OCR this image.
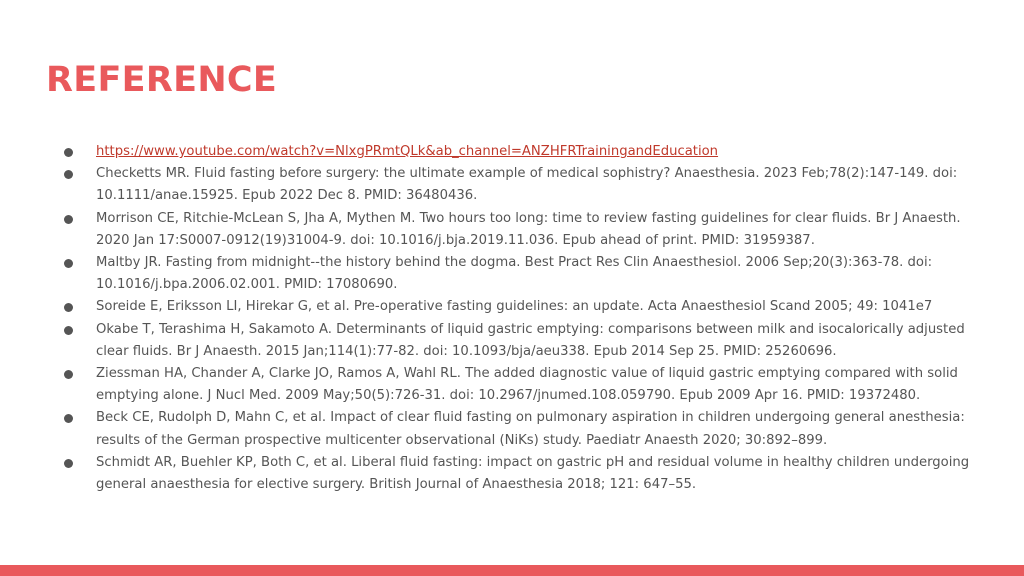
REFERENCE
https://www.youtube.com/watch?v=NlxgPRmtQLk&ab_channel=ANZHFRTrainingandEducation
Checketts MR. Fluid fasting before surgery: the ultimate example of medical sophistry? Anaesthesia. 2023 Feb;78(2):147-149. doi: 10.1111/anae.15925. Epub 2022 Dec 8. PMID: 36480436.
Morrison CE, Ritchie-McLean S, Jha A, Mythen M. Two hours too long: time to review fasting guidelines for clear fluids. Br J Anaesth. 2020 Jan 17:S0007-0912(19)31004-9. doi: 10.1016/j.bja.2019.11.036. Epub ahead of print. PMID: 31959387.
Maltby JR. Fasting from midnight--the history behind the dogma. Best Pract Res Clin Anaesthesiol. 2006 Sep;20(3):363-78. doi: 10.1016/j.bpa.2006.02.001. PMID: 17080690.
Soreide E, Eriksson LI, Hirekar G, et al. Pre-operative fasting guidelines: an update. Acta Anaesthesiol Scand 2005; 49: 1041e7
Okabe T, Terashima H, Sakamoto A. Determinants of liquid gastric emptying: comparisons between milk and isocalorically adjusted clear fluids. Br J Anaesth. 2015 Jan;114(1):77-82. doi: 10.1093/bja/aeu338. Epub 2014 Sep 25. PMID: 25260696.
Ziessman HA, Chander A, Clarke JO, Ramos A, Wahl RL. The added diagnostic value of liquid gastric emptying compared with solid emptying alone. J Nucl Med. 2009 May;50(5):726-31. doi: 10.2967/jnumed.108.059790. Epub 2009 Apr 16. PMID: 19372480.
Beck CE, Rudolph D, Mahn C, et al. Impact of clear fluid fasting on pulmonary aspiration in children undergoing general anesthesia: results of the German prospective multicenter observational (NiKs) study. Paediatr Anaesth 2020; 30:892–899.
Schmidt AR, Buehler KP, Both C, et al. Liberal fluid fasting: impact on gastric pH and residual volume in healthy children undergoing general anaesthesia for elective surgery. British Journal of Anaesthesia 2018; 121: 647–55.
